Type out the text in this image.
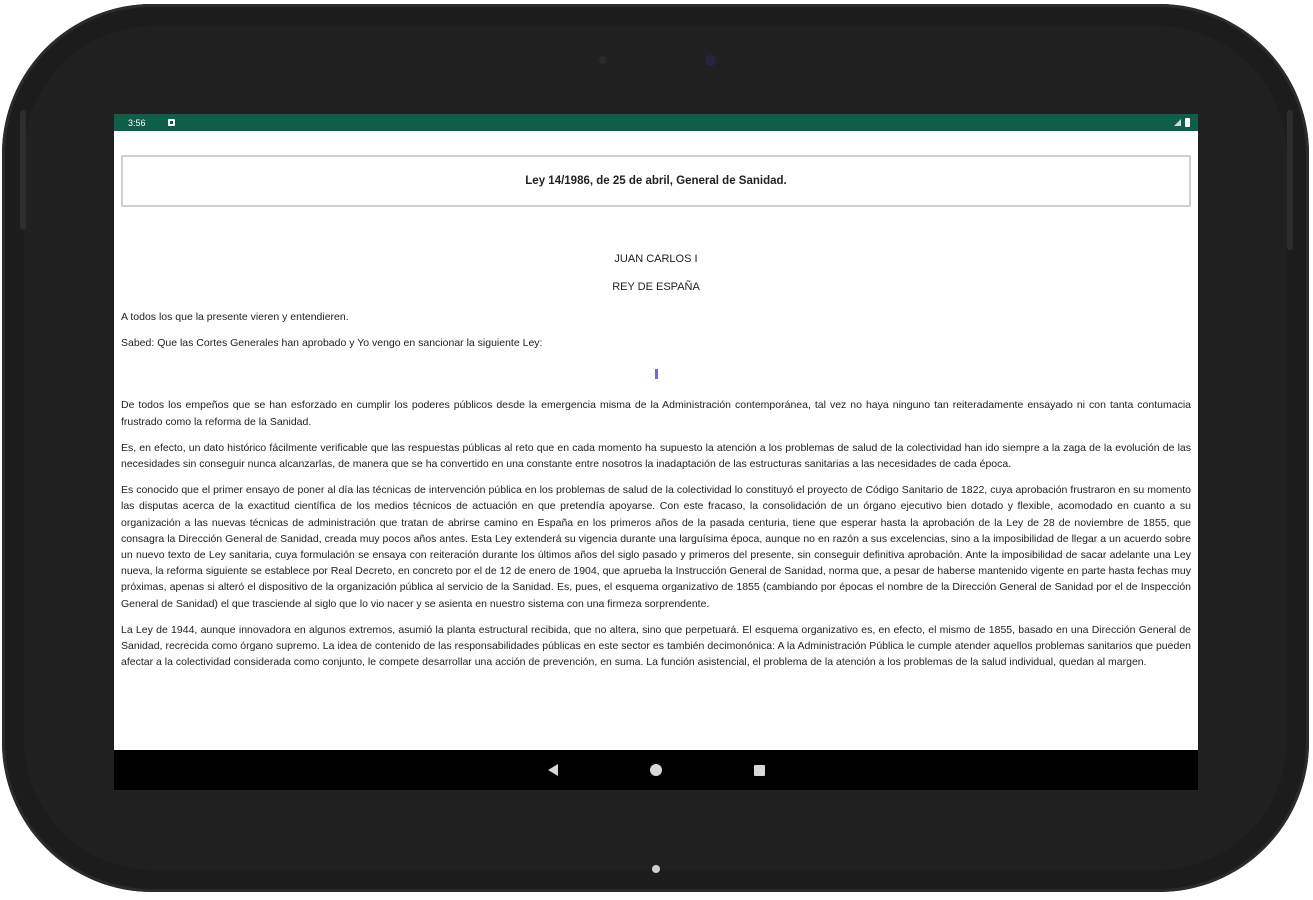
3:56
Ley 14/1986, de 25 de abril, General de Sanidad.
JUAN CARLOS I
REY DE ESPAÑA

A todos los que la presente vieren y entendieren.

Sabed: Que las Cortes Generales han aprobado y Yo vengo en sancionar la siguiente Ley:

De todos los empeños que se han esforzado en cumplir los poderes públicos desde la emergencia misma de la Administración contemporánea, tal vez no haya ninguno tan reiteradamente ensayado ni con tanta contumacia frustrado como la reforma de la Sanidad.

Es, en efecto, un dato histórico fácilmente verificable que las respuestas públicas al reto que en cada momento ha supuesto la atención a los problemas de salud de la colectividad han ido siempre a la zaga de la evolución de las necesidades sin conseguir nunca alcanzarlas, de manera que se ha convertido en una constante entre nosotros la inadaptación de las estructuras sanitarias a las necesidades de cada época.

Es conocido que el primer ensayo de poner al día las técnicas de intervención pública en los problemas de salud de la colectividad lo constituyó el proyecto de Código Sanitario de 1822, cuya aprobación frustraron en su momento las disputas acerca de la exactitud científica de los medios técnicos de actuación en que pretendía apoyarse. Con este fracaso, la consolidación de un órgano ejecutivo bien dotado y flexible, acomodado en cuanto a su organización a las nuevas técnicas de administración que tratan de abrirse camino en España en los primeros años de la pasada centuria, tiene que esperar hasta la aprobación de la Ley de 28 de noviembre de 1855, que consagra la Dirección General de Sanidad, creada muy pocos años antes. Esta Ley extenderá su vigencia durante una larguísima época, aunque no en razón a sus excelencias, sino a la imposibilidad de llegar a un acuerdo sobre un nuevo texto de Ley sanitaria, cuya formulación se ensaya con reiteración durante los últimos años del siglo pasado y primeros del presente, sin conseguir definitiva aprobación. Ante la imposibilidad de sacar adelante una Ley nueva, la reforma siguiente se establece por Real Decreto, en concreto por el de 12 de enero de 1904, que aprueba la Instrucción General de Sanidad, norma que, a pesar de haberse mantenido vigente en parte hasta fechas muy próximas, apenas si alteró el dispositivo de la organización pública al servicio de la Sanidad. Es, pues, el esquema organizativo de 1855 (cambiando por épocas el nombre de la Dirección General de Sanidad por el de Inspección General de Sanidad) el que trasciende al siglo que lo vio nacer y se asienta en nuestro sistema con una firmeza sorprendente.

La Ley de 1944, aunque innovadora en algunos extremos, asumió la planta estructural recibida, que no altera, sino que perpetuará. El esquema organizativo es, en efecto, el mismo de 1855, basado en una Dirección General de Sanidad, recrecida como órgano supremo. La idea de contenido de las responsabilidades públicas en este sector es también decimonónica: A la Administración Pública le cumple atender aquellos problemas sanitarios que pueden afectar a la colectividad considerada como conjunto, le compete desarrollar una acción de prevención, en suma. La función asistencial, el problema de la atención a los problemas de la salud individual, quedan al margen.
